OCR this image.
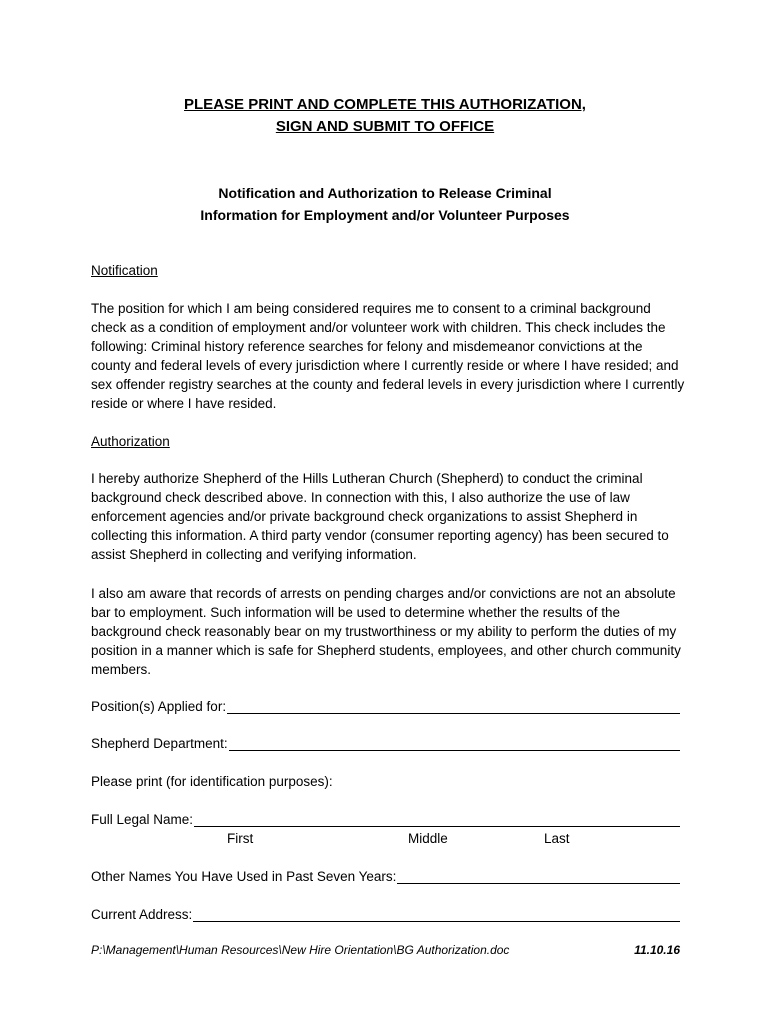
PLEASE PRINT AND COMPLETE THIS AUTHORIZATION,
SIGN AND SUBMIT TO OFFICE
Notification and Authorization to Release Criminal
Information for Employment and/or Volunteer Purposes
Notification

The position for which I am being considered requires me to consent to a criminal background check as a condition of employment and/or volunteer work with children. This check includes the following: Criminal history reference searches for felony and misdemeanor convictions at the county and federal levels of every jurisdiction where I currently reside or where I have resided; and sex offender registry searches at the county and federal levels in every jurisdiction where I currently reside or where I have resided.

Authorization

I hereby authorize Shepherd of the Hills Lutheran Church (Shepherd) to conduct the criminal background check described above. In connection with this, I also authorize the use of law enforcement agencies and/or private background check organizations to assist Shepherd in collecting this information. A third party vendor (consumer reporting agency) has been secured to assist Shepherd in collecting and verifying information.

I also am aware that records of arrests on pending charges and/or convictions are not an absolute bar to employment. Such information will be used to determine whether the results of the background check reasonably bear on my trustworthiness or my ability to perform the duties of my position in a manner which is safe for Shepherd students, employees, and other church community members.

Position(s) Applied for:
Shepherd Department:
Please print (for identification purposes):
Full Legal Name:
First	Middle	Last
Other Names You Have Used in Past Seven Years:
Current Address:
P:\Management\Human Resources\New Hire Orientation\BG Authorization.doc	11.10.16
